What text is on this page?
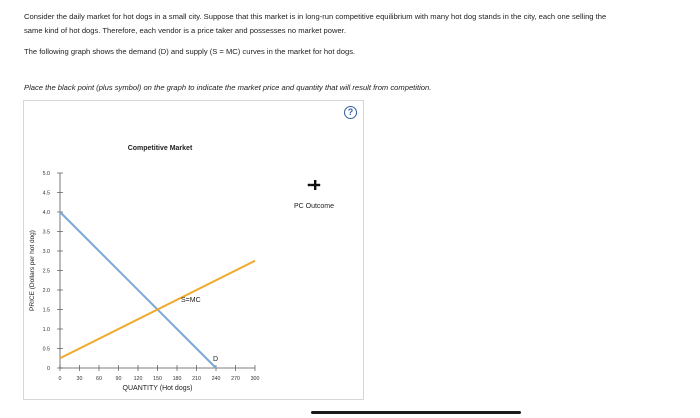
Consider the daily market for hot dogs in a small city. Suppose that this market is in long-run competitive equilibrium with many hot dog stands in the city, each one selling the same kind of hot dogs. Therefore, each vendor is a price taker and possesses no market power.

The following graph shows the demand (D) and supply (S = MC) curves in the market for hot dogs.

Place the black point (plus symbol) on the graph to indicate the market price and quantity that will result from competition.
?
Competitive Market
0	30	60	90 120 150 180 210 240 270 300
0
0.5
1.0
1.5
2.0
2.5
3.0
3.5
4.0
4.5
5.0
QUANTITY (Hot dogs)
PRICE (Dollars per hot dog)
D
S=MC
PC Outcome
